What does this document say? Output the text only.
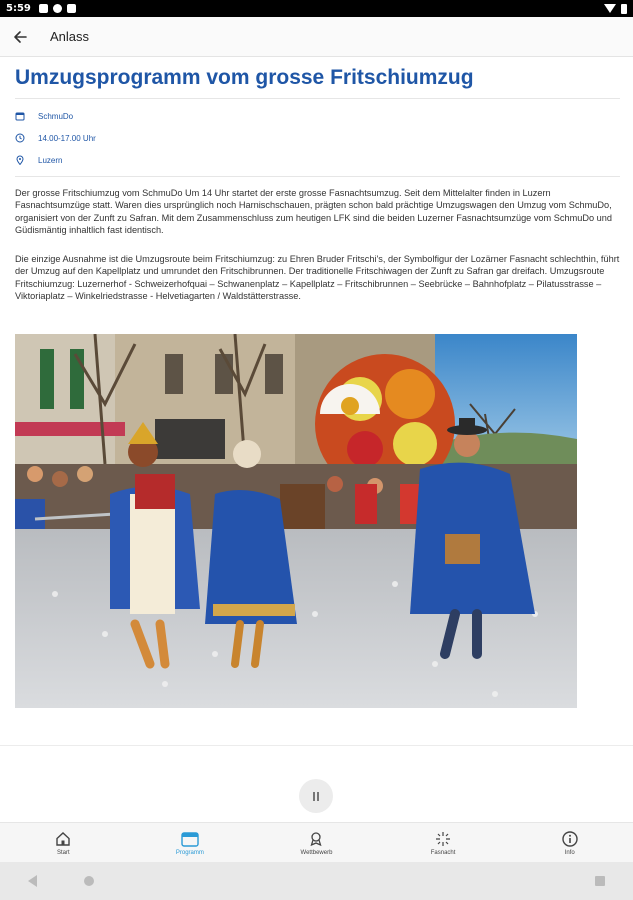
5:59
Anlass
Umzugsprogramm vom grosse Fritschiumzug
SchmuDo
14.00-17.00 Uhr
Luzern

Der grosse Fritschiumzug vom SchmuDo Um 14 Uhr startet der erste grosse Fasnachtsumzug. Seit dem Mittelalter finden in Luzern Fasnachtsumzüge statt. Waren dies ursprünglich noch Harnischschauen, prägten schon bald prächtige Umzugswagen den Umzug vom SchmuDo, organisiert von der Zunft zu Safran. Mit dem Zusammenschluss zum heutigen LFK sind die beiden Luzerner Fasnachtsumzüge vom SchmuDo und Güdismäntig inhaltlich fast identisch.

Die einzige Ausnahme ist die Umzugsroute beim Fritschiumzug: zu Ehren Bruder Fritschi's, der Symbolfigur der Lozärner Fasnacht schlechthin, führt der Umzug auf den Kapellplatz und umrundet den Fritschibrunnen. Der traditionelle Fritschiwagen der Zunft zu Safran gar dreifach. Umzugsroute Fritschiumzug: Luzernerhof - Schweizerhofquai – Schwanenplatz – Kapellplatz – Fritschibrunnen – Seebrücke – Bahnhofplatz – Pilatusstrasse – Viktoriaplatz – Winkelriedstrasse - Helvetiagarten / Waldstätterstrasse.

Start	Programm	Wettbewerb	Fasnacht	Info
